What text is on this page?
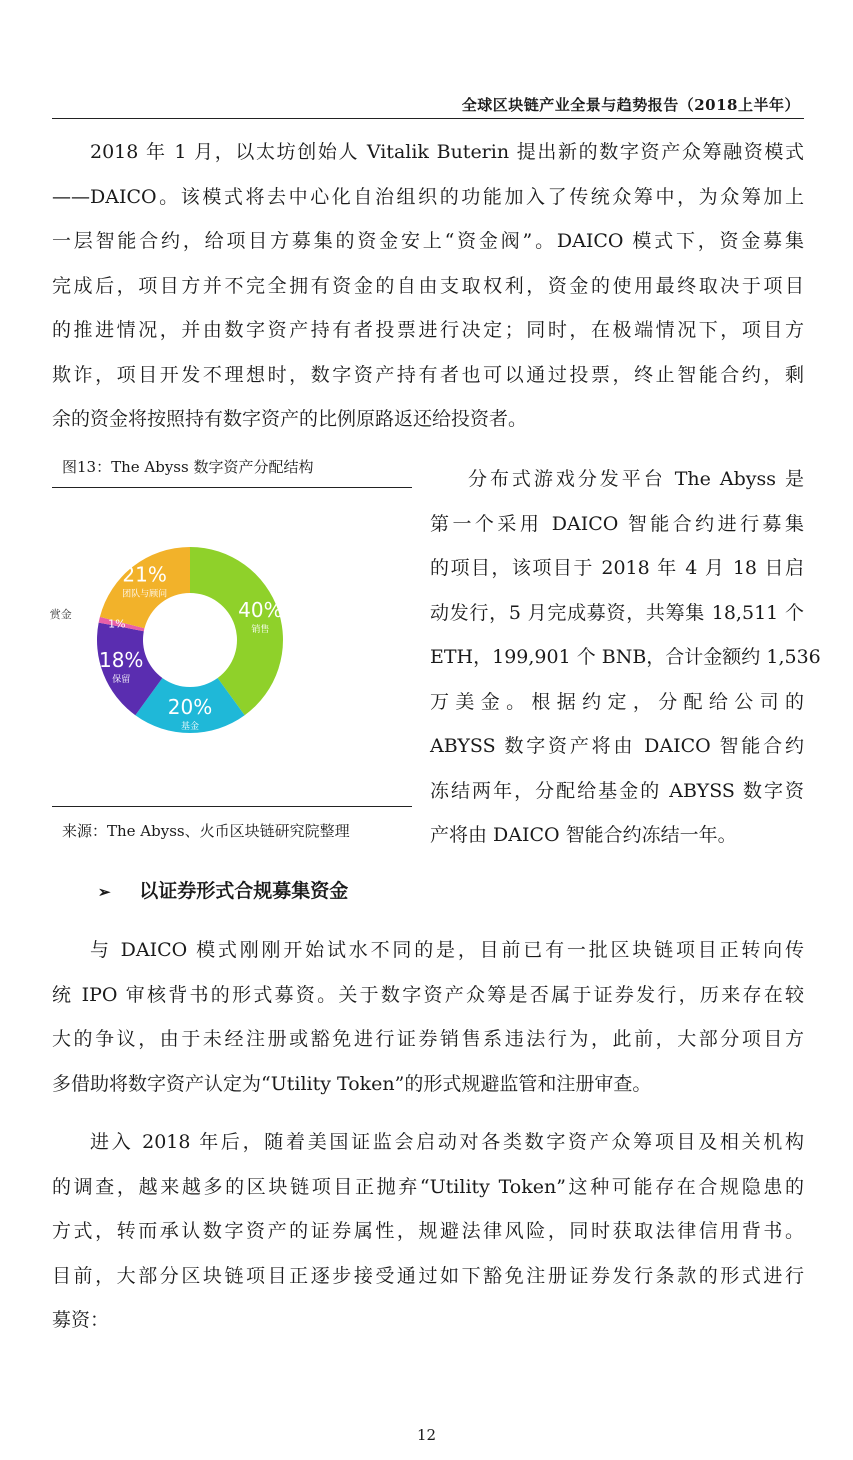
全球区块链产业全景与趋势报告（2018上半年）
2018 年 1 月，以太坊创始人 Vitalik Buterin 提出新的数字资产众筹融资模式
——DAICO。该模式将去中心化自治组织的功能加入了传统众筹中，为众筹加上
一层智能合约，给项目方募集的资金安上“资金阀”。DAICO 模式下，资金募集
完成后，项目方并不完全拥有资金的自由支取权利，资金的使用最终取决于项目
的推进情况，并由数字资产持有者投票进行决定；同时，在极端情况下，项目方
欺诈，项目开发不理想时，数字资产持有者也可以通过投票，终止智能合约，剩
余的资金将按照持有数字资产的比例原路返还给投资者。
图13：The Abyss 数字资产分配结构
40%
销售
20%
基金
18%
保留
1%
21%
团队与顾问
赏金
来源：The Abyss、火币区块链研究院整理
分布式游戏分发平台 The Abyss 是
第一个采用 DAICO 智能合约进行募集
的项目，该项目于 2018 年 4 月 18 日启
动发行，5 月完成募资，共筹集 18,511 个
ETH，199,901 个 BNB，合计金额约 1,536
万美金。根据约定，分配给公司的
ABYSS 数字资产将由 DAICO 智能合约
冻结两年，分配给基金的 ABYSS 数字资
产将由 DAICO 智能合约冻结一年。
➢ 以证券形式合规募集资金
与 DAICO 模式刚刚开始试水不同的是，目前已有一批区块链项目正转向传
统 IPO 审核背书的形式募资。关于数字资产众筹是否属于证券发行，历来存在较
大的争议，由于未经注册或豁免进行证券销售系违法行为，此前，大部分项目方
多借助将数字资产认定为“Utility Token”的形式规避监管和注册审查。
进入 2018 年后，随着美国证监会启动对各类数字资产众筹项目及相关机构
的调查，越来越多的区块链项目正抛弃“Utility Token”这种可能存在合规隐患的
方式，转而承认数字资产的证券属性，规避法律风险，同时获取法律信用背书。
目前，大部分区块链项目正逐步接受通过如下豁免注册证券发行条款的形式进行
募资：
12
